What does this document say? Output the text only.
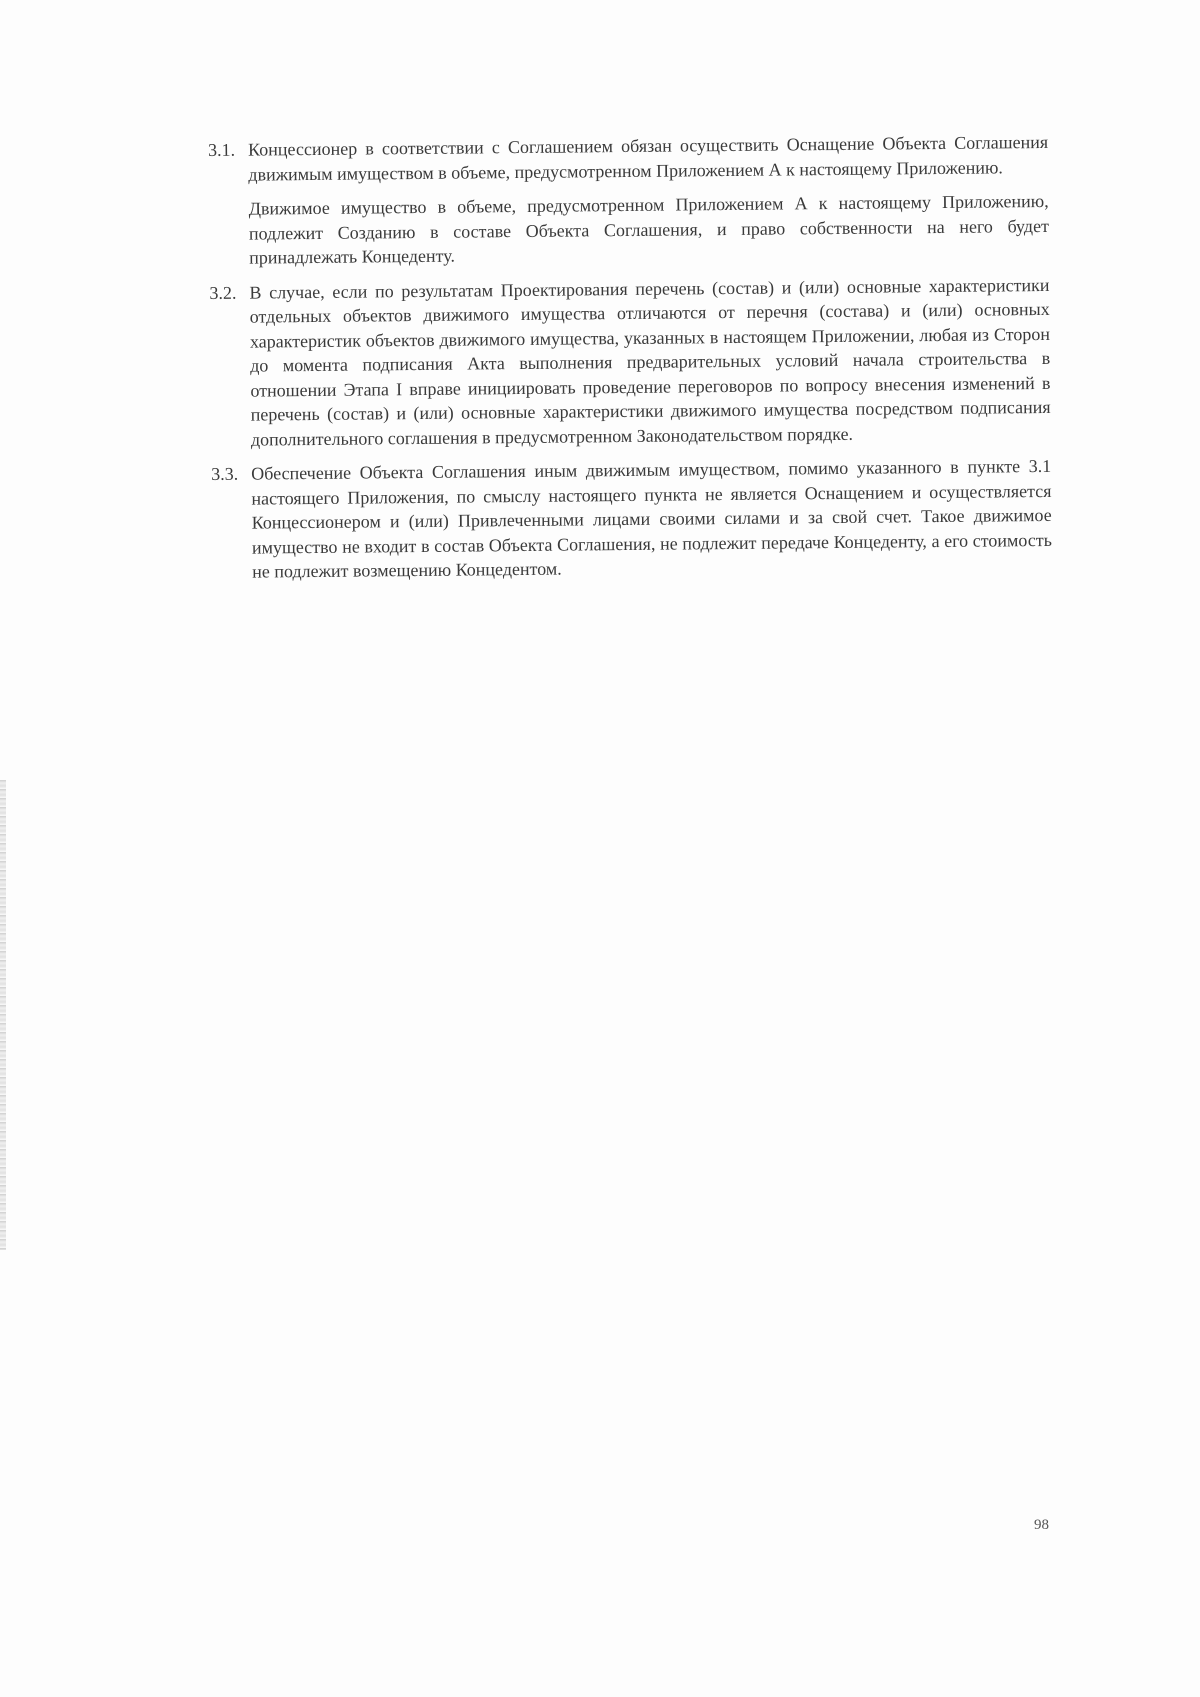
3.1. Концессионер в соответствии с Соглашением обязан осуществить Оснащение Объекта Соглашения движимым имуществом в объеме, предусмотренном Приложением А к настоящему Приложению.

Движимое имущество в объеме, предусмотренном Приложением А к настоящему Приложению, подлежит Созданию в составе Объекта Соглашения, и право собственности на него будет принадлежать Концеденту.

3.2. В случае, если по результатам Проектирования перечень (состав) и (или) основные характеристики отдельных объектов движимого имущества отличаются от перечня (состава) и (или) основных характеристик объектов движимого имущества, указанных в настоящем Приложении, любая из Сторон до момента подписания Акта выполнения предварительных условий начала строительства в отношении Этапа I вправе инициировать проведение переговоров по вопросу внесения изменений в перечень (состав) и (или) основные характеристики движимого имущества посредством подписания дополнительного соглашения в предусмотренном Законодательством порядке.

3.3. Обеспечение Объекта Соглашения иным движимым имуществом, помимо указанного в пункте 3.1 настоящего Приложения, по смыслу настоящего пункта не является Оснащением и осуществляется Концессионером и (или) Привлеченными лицами своими силами и за свой счет. Такое движимое имущество не входит в состав Объекта Соглашения, не подлежит передаче Концеденту, а его стоимость не подлежит возмещению Концедентом.

98
